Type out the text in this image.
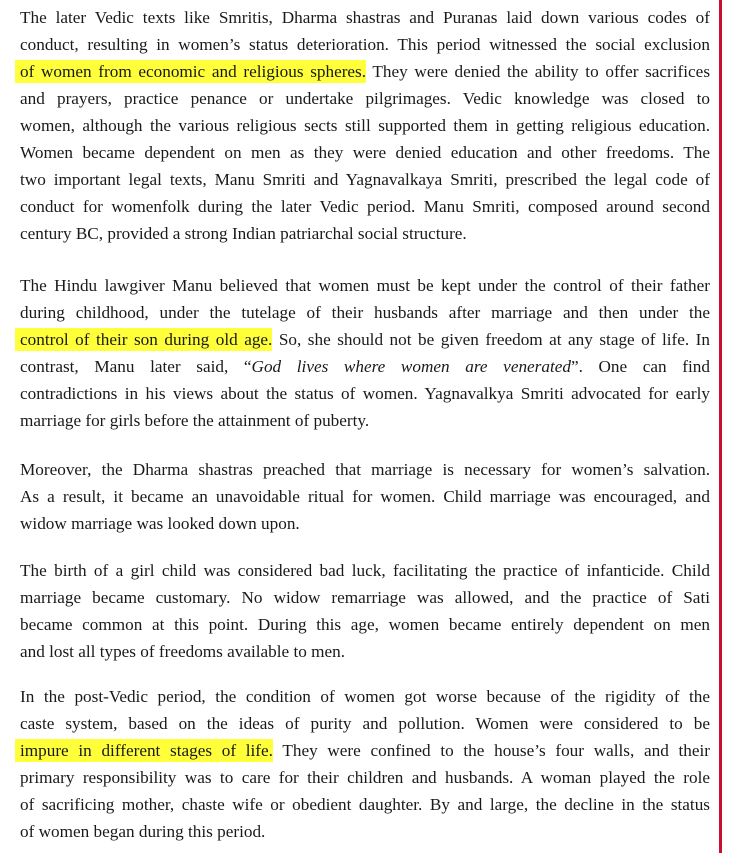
The later Vedic texts like Smritis, Dharma shastras and Puranas laid down various codes of
conduct, resulting in women’s status deterioration. This period witnessed the social exclusion
of women from economic and religious spheres. They were denied the ability to offer sacrifices
and prayers, practice penance or undertake pilgrimages. Vedic knowledge was closed to
women, although the various religious sects still supported them in getting religious education.
Women became dependent on men as they were denied education and other freedoms. The
two important legal texts, Manu Smriti and Yagnavalkaya Smriti, prescribed the legal code of
conduct for womenfolk during the later Vedic period. Manu Smriti, composed around second
century BC, provided a strong Indian patriarchal social structure.
The Hindu lawgiver Manu believed that women must be kept under the control of their father
during childhood, under the tutelage of their husbands after marriage and then under the
control of their son during old age. So, she should not be given freedom at any stage of life. In
contrast, Manu later said, “God lives where women are venerated”. One can find
contradictions in his views about the status of women. Yagnavalkya Smriti advocated for early
marriage for girls before the attainment of puberty.
Moreover, the Dharma shastras preached that marriage is necessary for women’s salvation.
As a result, it became an unavoidable ritual for women. Child marriage was encouraged, and
widow marriage was looked down upon.
The birth of a girl child was considered bad luck, facilitating the practice of infanticide. Child
marriage became customary. No widow remarriage was allowed, and the practice of Sati
became common at this point. During this age, women became entirely dependent on men
and lost all types of freedoms available to men.
In the post-Vedic period, the condition of women got worse because of the rigidity of the
caste system, based on the ideas of purity and pollution. Women were considered to be
impure in different stages of life. They were confined to the house’s four walls, and their
primary responsibility was to care for their children and husbands. A woman played the role
of sacrificing mother, chaste wife or obedient daughter. By and large, the decline in the status
of women began during this period.
